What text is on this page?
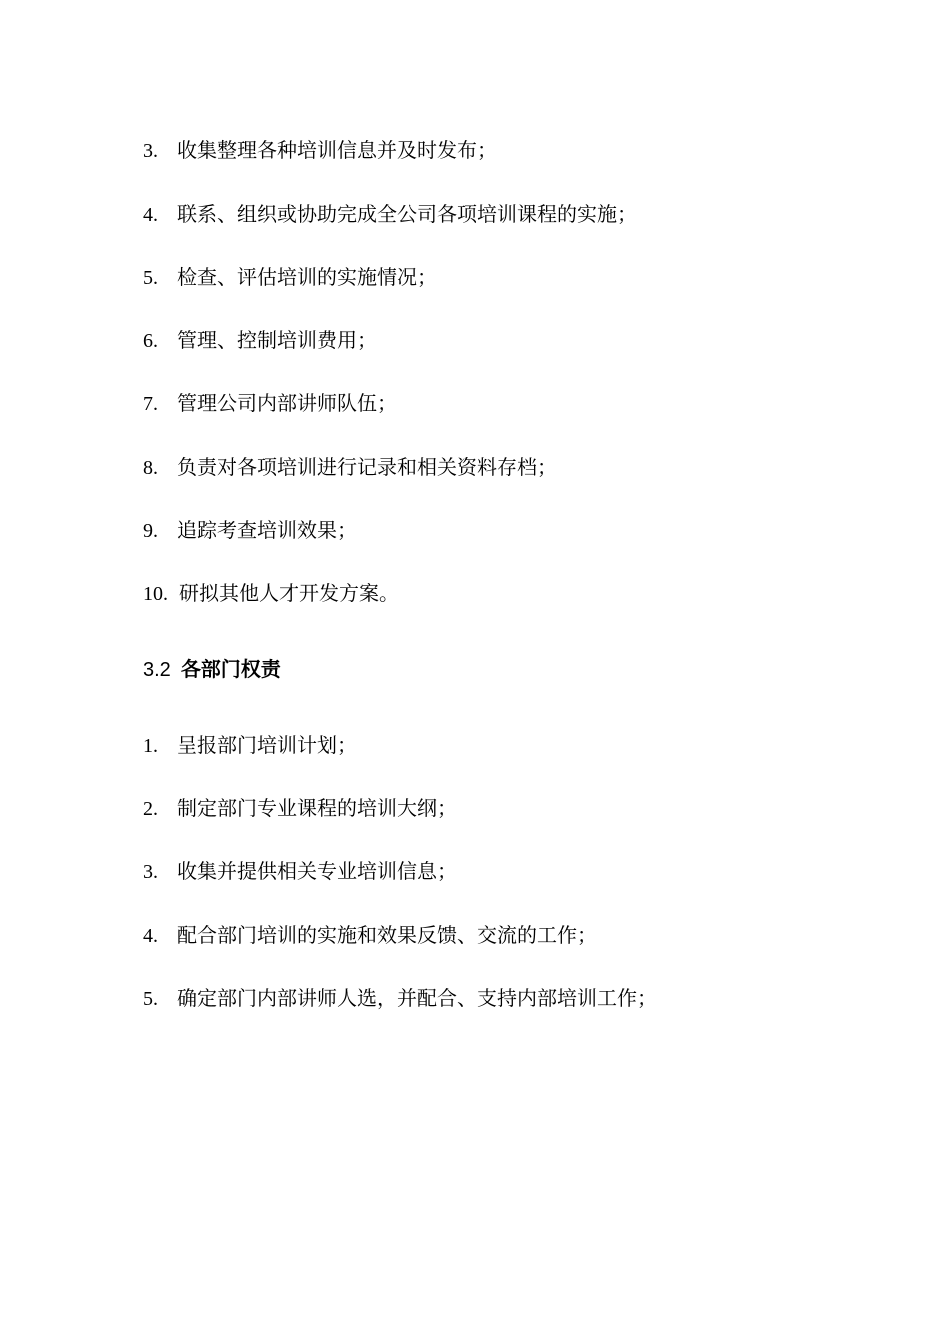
3. 收集整理各种培训信息并及时发布；
4. 联系、组织或协助完成全公司各项培训课程的实施；
5. 检查、评估培训的实施情况；
6. 管理、控制培训费用；
7. 管理公司内部讲师队伍；
8. 负责对各项培训进行记录和相关资料存档；
9. 追踪考查培训效果；
10. 研拟其他人才开发方案。
3.2 各部门权责
1. 呈报部门培训计划；
2. 制定部门专业课程的培训大纲；
3. 收集并提供相关专业培训信息；
4. 配合部门培训的实施和效果反馈、交流的工作；
5. 确定部门内部讲师人选，并配合、支持内部培训工作；
